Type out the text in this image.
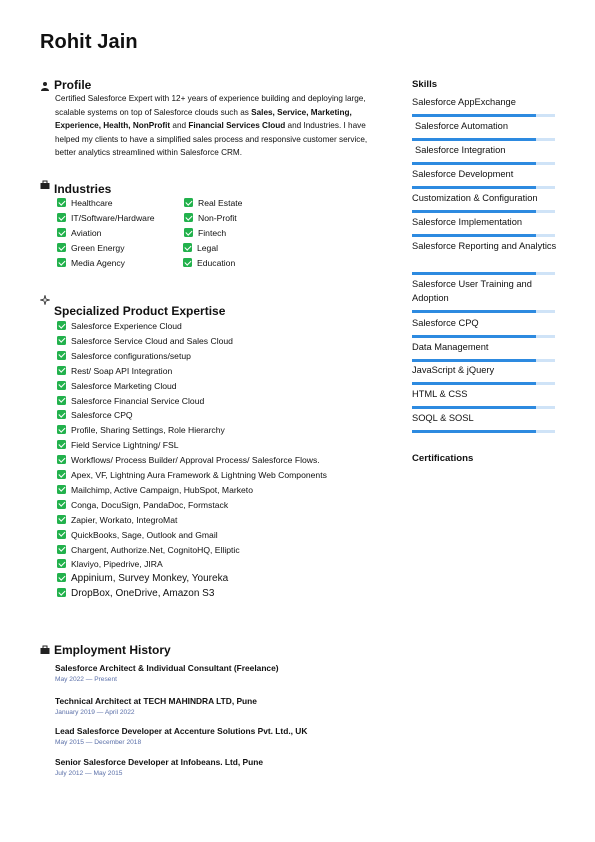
Rohit Jain
Profile
Certified Salesforce Expert with 12+ years of experience building and deploying large, scalable systems on top of Salesforce clouds such as Sales, Service, Marketing, Experience, Health, NonProfit and Financial Services Cloud and Industries. I have helped my clients to have a simplified sales process and responsive customer service, better analytics streamlined within Salesforce CRM.
Industries
Healthcare
IT/Software/Hardware
Aviation
Green Energy
Media Agency
Real Estate
Non-Profit
Fintech
Legal
Education
Specialized Product Expertise
Salesforce Experience Cloud
Salesforce Service Cloud and Sales Cloud
Salesforce configurations/setup
Rest/ Soap API Integration
Salesforce Marketing Cloud
Salesforce Financial Service Cloud
Salesforce CPQ
Profile, Sharing Settings, Role Hierarchy
Field Service Lightning/ FSL
Workflows/ Process Builder/ Approval Process/ Salesforce Flows.
Apex, VF, Lightning Aura Framework & Lightning Web Components
Mailchimp, Active Campaign, HubSpot, Marketo
Conga, DocuSign, PandaDoc, Formstack
Zapier, Workato, IntegroMat
QuickBooks, Sage, Outlook and Gmail
Chargent, Authorize.Net, CognitoHQ, Elliptic
Klaviyo, Pipedrive, JIRA
Appinium, Survey Monkey, Youreka
DropBox, OneDrive, Amazon S3
Employment History
Salesforce Architect & Individual Consultant (Freelance)
May 2022 — Present
Technical Architect at TECH MAHINDRA LTD, Pune
January 2019 — April 2022
Lead Salesforce Developer at Accenture Solutions Pvt. Ltd., UK
May 2015 — December 2018
Senior Salesforce Developer at Infobeans. Ltd, Pune
July 2012 — May 2015
Skills
Salesforce AppExchange
Salesforce Automation
Salesforce Integration
Salesforce Development
Customization & Configuration
Salesforce Implementation
Salesforce Reporting and Analytics
Salesforce User Training and Adoption
Salesforce CPQ
Data Management
JavaScript & jQuery
HTML & CSS
SOQL & SOSL
Certifications
